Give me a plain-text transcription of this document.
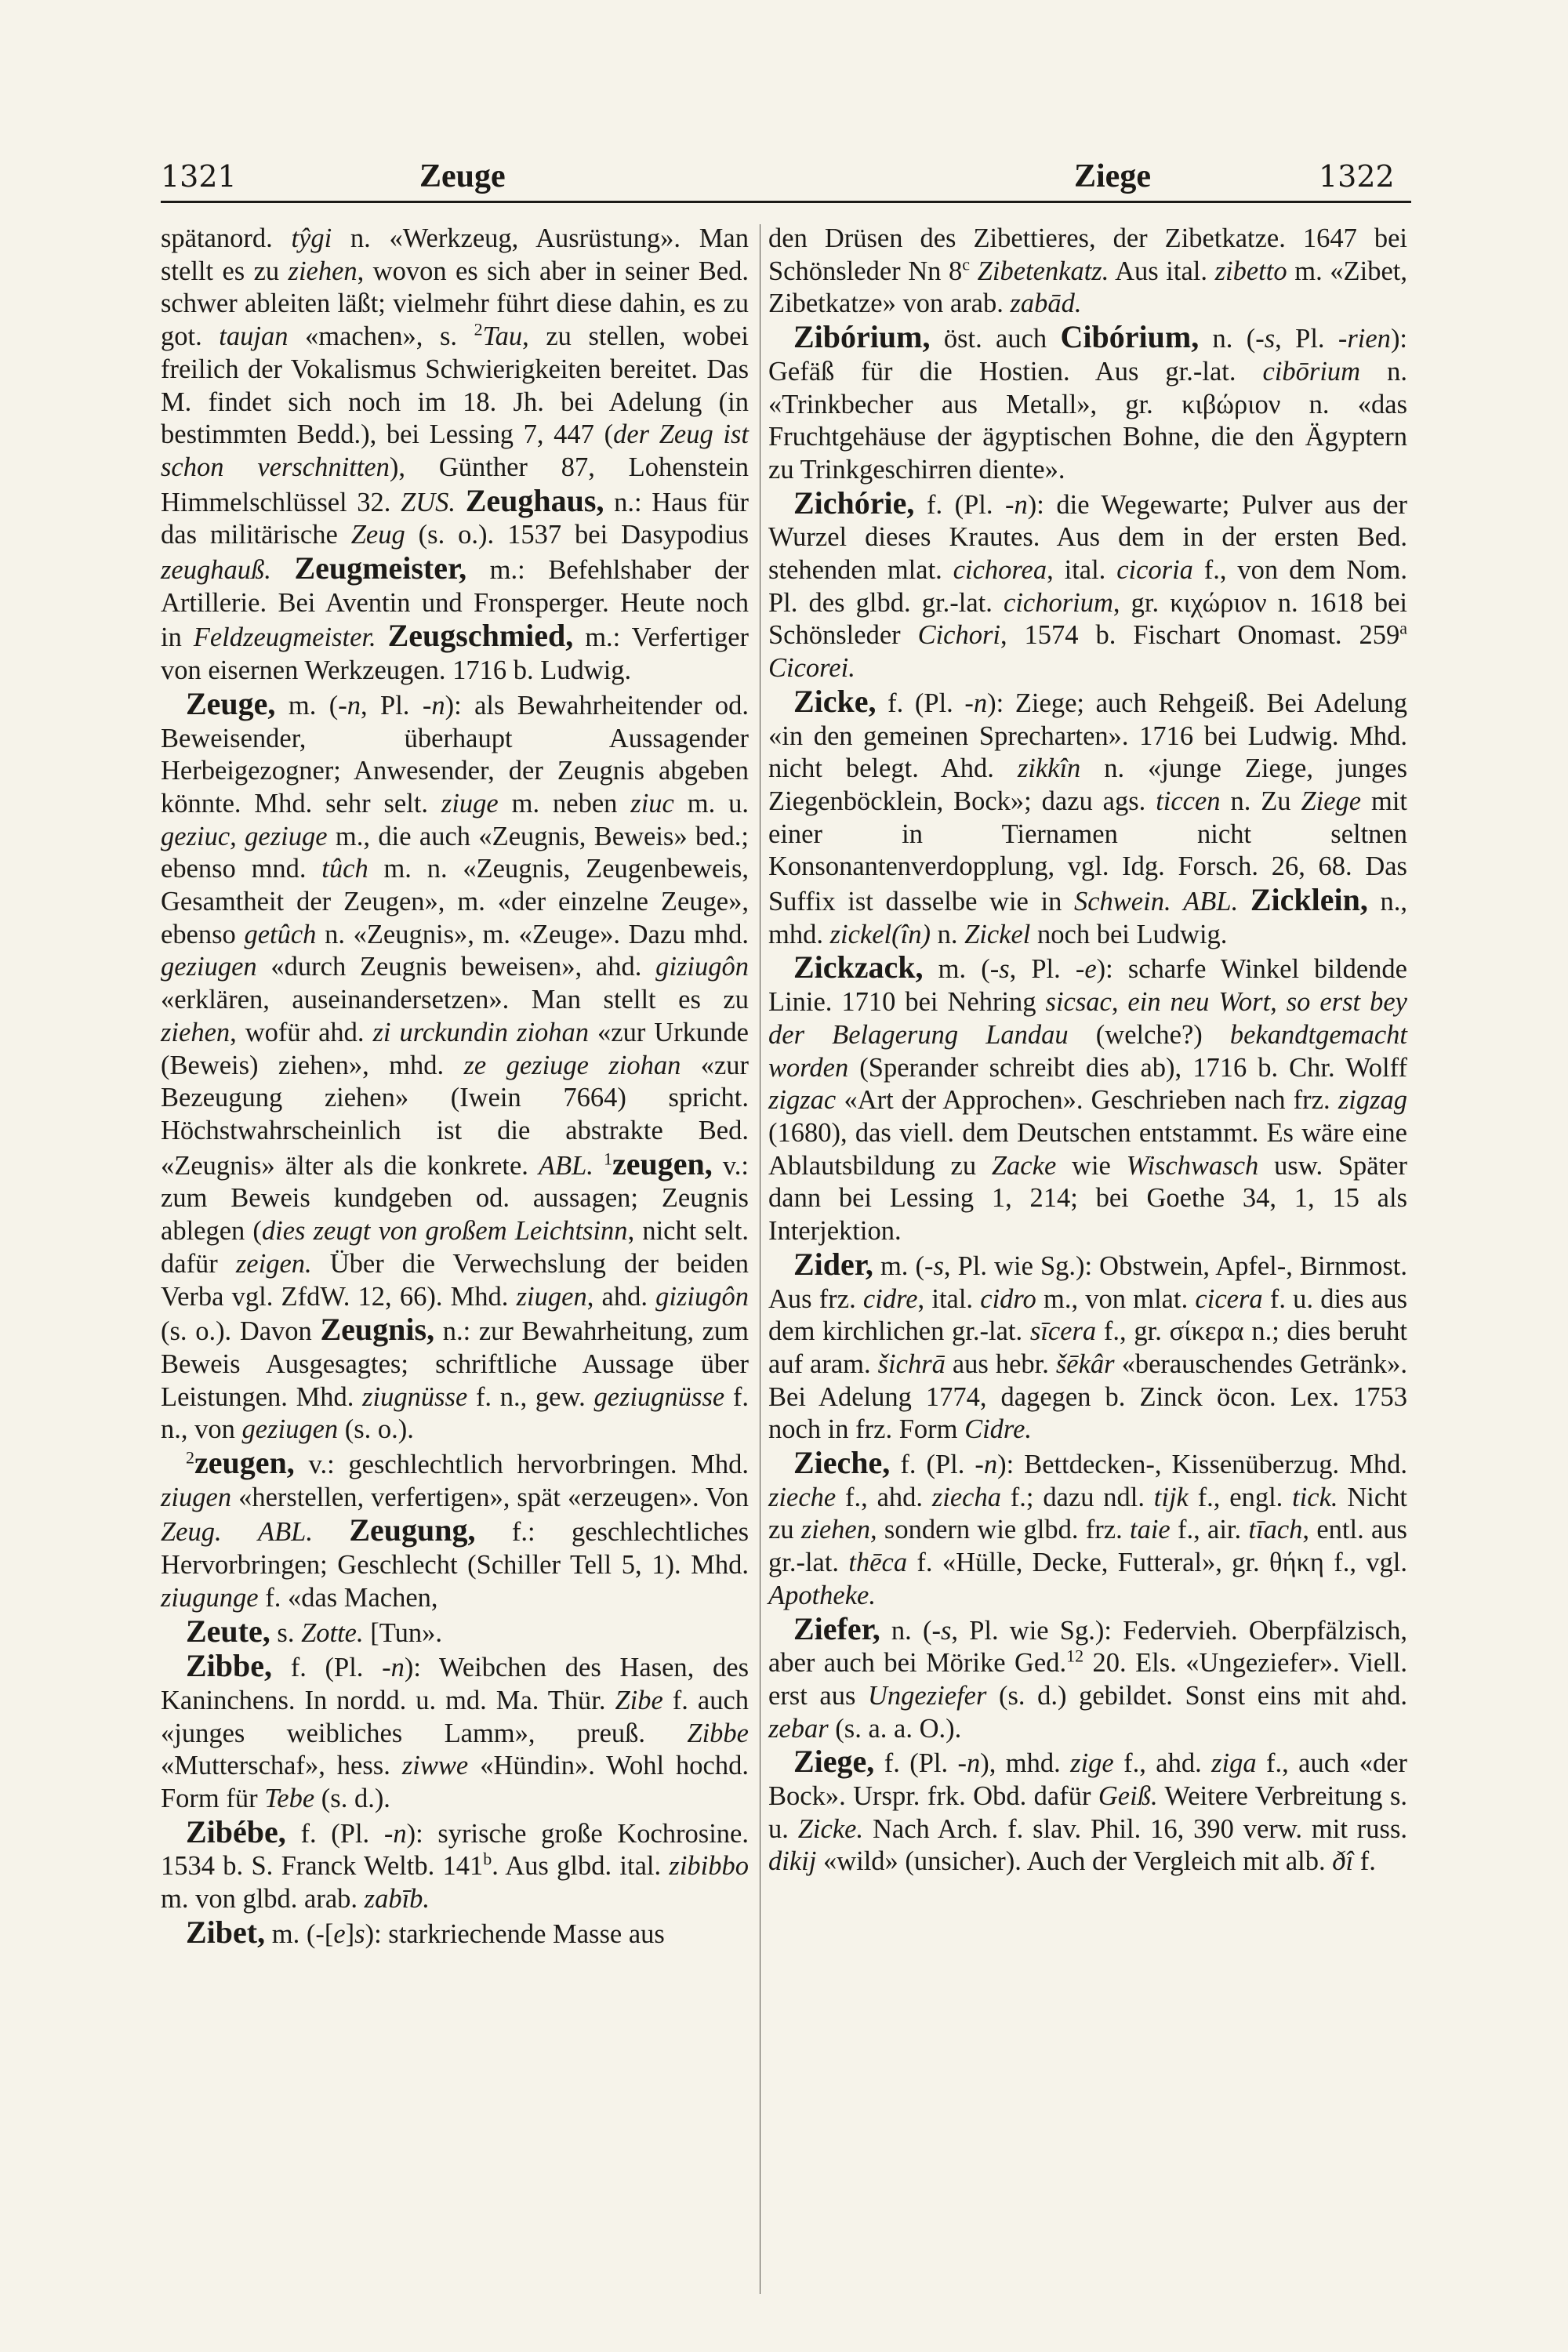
1321	Zeuge	Ziege	1322

spätanord. tŷgi n. «Werkzeug, Ausrüstung». Man stellt es zu ziehen, wovon es sich aber in seiner Bed. schwer ableiten läßt; vielmehr führt diese dahin, es zu got. taujan «machen», s. $^2$Tau, zu stellen, wobei freilich der Vokalismus Schwierigkeiten bereitet. Das M. findet sich noch im 18. Jh. bei Adelung (in bestimmten Bedd.), bei Lessing 7, 447 (der Zeug ist schon verschnitten), Günther 87, Lohenstein Himmelschlüssel 32. ZUS. Zeughaus, n.: Haus für das militärische Zeug (s. o.). 1537 bei Dasypodius zeughauß. Zeugmeister, m.: Befehlshaber der Artillerie. Bei Aventin und Fronsperger. Heute noch in Feldzeugmeister. Zeugschmied, m.: Verfertiger von eisernen Werkzeugen. 1716 b. Ludwig.

Zeuge, m. (-n, Pl. -n): als Bewahrheitender od. Beweisender, überhaupt Aussagender Herbeigezogner; Anwesender, der Zeugnis abgeben könnte. Mhd. sehr selt. ziuge m. neben ziuc m. u. geziuc, geziuge m., die auch «Zeugnis, Beweis» bed.; ebenso mnd. tûch m. n. «Zeugnis, Zeugenbeweis, Gesamtheit der Zeugen», m. «der einzelne Zeuge», ebenso getûch n. «Zeugnis», m. «Zeuge». Dazu mhd. geziugen «durch Zeugnis beweisen», ahd. giziugôn «erklären, auseinandersetzen». Man stellt es zu ziehen, wofür ahd. zi urckundin ziohan «zur Urkunde (Beweis) ziehen», mhd. ze geziuge ziohan «zur Bezeugung ziehen» (Iwein 7664) spricht. Höchstwahrscheinlich ist die abstrakte Bed. «Zeugnis» älter als die konkrete. ABL. $^1$zeugen, v.: zum Beweis kundgeben od. aussagen; Zeugnis ablegen (dies zeugt von großem Leichtsinn, nicht selt. dafür zeigen. Über die Verwechslung der beiden Verba vgl. ZfdW. 12, 66). Mhd. ziugen, ahd. giziugôn (s. o.). Davon Zeugnis, n.: zur Bewahrheitung, zum Beweis Ausgesagtes; schriftliche Aussage über Leistungen. Mhd. ziugnüsse f. n., gew. geziugnüsse f. n., von geziugen (s. o.).

$^2$zeugen, v.: geschlechtlich hervorbringen. Mhd. ziugen «herstellen, verfertigen», spät «erzeugen». Von Zeug. ABL. Zeugung, f.: geschlechtliches Hervorbringen; Geschlecht (Schiller Tell 5, 1). Mhd. ziugunge f. «das Machen,

Zeute, s. Zotte. [Tun».

Zibbe, f. (Pl. -n): Weibchen des Hasen, des Kaninchens. In nordd. u. md. Ma. Thür. Zibe f. auch «junges weibliches Lamm», preuß. Zibbe «Mutterschaf», hess. ziwwe «Hündin». Wohl hochd. Form für Tebe (s. d.).

Zibébe, f. (Pl. -n): syrische große Kochrosine. 1534 b. S. Franck Weltb. 141$^b$. Aus glbd. ital. zibibbo m. von glbd. arab. zabīb.

Zibet, m. (-[e]s): starkriechende Masse aus

den Drüsen des Zibettieres, der Zibetkatze. 1647 bei Schönsleder Nn 8$^c$ Zibetenkatz. Aus ital. zibetto m. «Zibet, Zibetkatze» von arab. zabād.

Zibórium, öst. auch Cibórium, n. (-s, Pl. -rien): Gefäß für die Hostien. Aus gr.-lat. cibōrium n. «Trinkbecher aus Metall», gr. κιβώριον n. «das Fruchtgehäuse der ägyptischen Bohne, die den Ägyptern zu Trinkgeschirren diente».

Zichórie, f. (Pl. -n): die Wegewarte; Pulver aus der Wurzel dieses Krautes. Aus dem in der ersten Bed. stehenden mlat. cichorea, ital. cicoria f., von dem Nom. Pl. des glbd. gr.-lat. cichorium, gr. κιχώριον n. 1618 bei Schönsleder Cichori, 1574 b. Fischart Onomast. 259$^a$ Cicorei.

Zicke, f. (Pl. -n): Ziege; auch Rehgeiß. Bei Adelung «in den gemeinen Sprecharten». 1716 bei Ludwig. Mhd. nicht belegt. Ahd. zikkîn n. «junge Ziege, junges Ziegenböcklein, Bock»; dazu ags. ticcen n. Zu Ziege mit einer in Tiernamen nicht seltnen Konsonantenverdopplung, vgl. Idg. Forsch. 26, 68. Das Suffix ist dasselbe wie in Schwein. ABL. Zicklein, n., mhd. zickel(în) n. Zickel noch bei Ludwig.

Zickzack, m. (-s, Pl. -e): scharfe Winkel bildende Linie. 1710 bei Nehring sicsac, ein neu Wort, so erst bey der Belagerung Landau (welche?) bekandtgemacht worden (Sperander schreibt dies ab), 1716 b. Chr. Wolff zigzac «Art der Approchen». Geschrieben nach frz. zigzag (1680), das viell. dem Deutschen entstammt. Es wäre eine Ablautsbildung zu Zacke wie Wischwasch usw. Später dann bei Lessing 1, 214; bei Goethe 34, 1, 15 als Interjektion.

Zider, m. (-s, Pl. wie Sg.): Obstwein, Apfel-, Birnmost. Aus frz. cidre, ital. cidro m., von mlat. cicera f. u. dies aus dem kirchlichen gr.-lat. sīcera f., gr. σίκερα n.; dies beruht auf aram. šichrā aus hebr. šēkâr «berauschendes Getränk». Bei Adelung 1774, dagegen b. Zinck öcon. Lex. 1753 noch in frz. Form Cidre.

Zieche, f. (Pl. -n): Bettdecken-, Kissenüberzug. Mhd. zieche f., ahd. ziecha f.; dazu ndl. tijk f., engl. tick. Nicht zu ziehen, sondern wie glbd. frz. taie f., air. tīach, entl. aus gr.-lat. thēca f. «Hülle, Decke, Futteral», gr. θήκη f., vgl. Apotheke.

Ziefer, n. (-s, Pl. wie Sg.): Federvieh. Oberpfälzisch, aber auch bei Mörike Ged.$^{12}$ 20. Els. «Ungeziefer». Viell. erst aus Ungeziefer (s. d.) gebildet. Sonst eins mit ahd. zebar (s. a. a. O.).

Ziege, f. (Pl. -n), mhd. zige f., ahd. ziga f., auch «der Bock». Urspr. frk. Obd. dafür Geiß. Weitere Verbreitung s. u. Zicke. Nach Arch. f. slav. Phil. 16, 390 verw. mit russ. dikij «wild» (unsicher). Auch der Vergleich mit alb. ðî f.
